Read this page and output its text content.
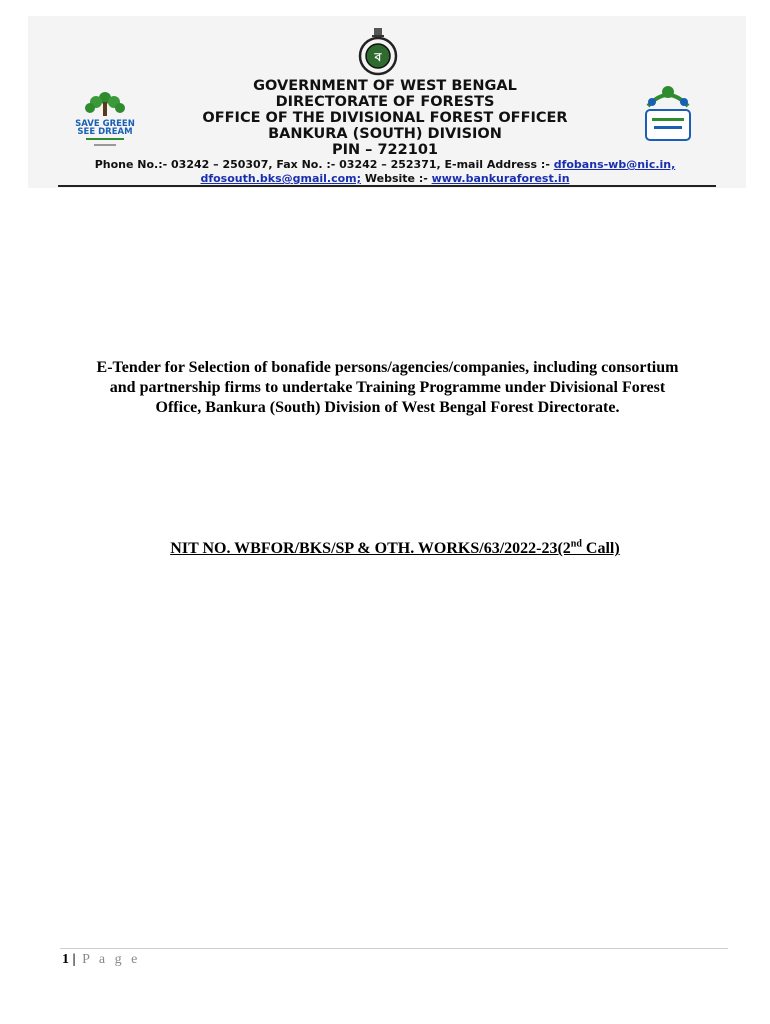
ব
SAVE GREEN
SEE DREAM
GOVERNMENT OF WEST BENGAL
DIRECTORATE OF FORESTS
OFFICE OF THE DIVISIONAL FOREST OFFICER
BANKURA (SOUTH) DIVISION
PIN – 722101
Phone No.:- 03242 – 250307, Fax No. :- 03242 – 252371, E-mail Address :- dfobans-wb@nic.in,
dfosouth.bks@gmail.com; Website :- www.bankuraforest.in
E-Tender for Selection of bonafide persons/agencies/companies, including consortium and partnership firms to undertake Training Programme under Divisional Forest Office, Bankura (South) Division of West Bengal Forest Directorate.
NIT NO. WBFOR/BKS/SP & OTH. WORKS/63/2022-23(2nd Call)
1 | P a g e
